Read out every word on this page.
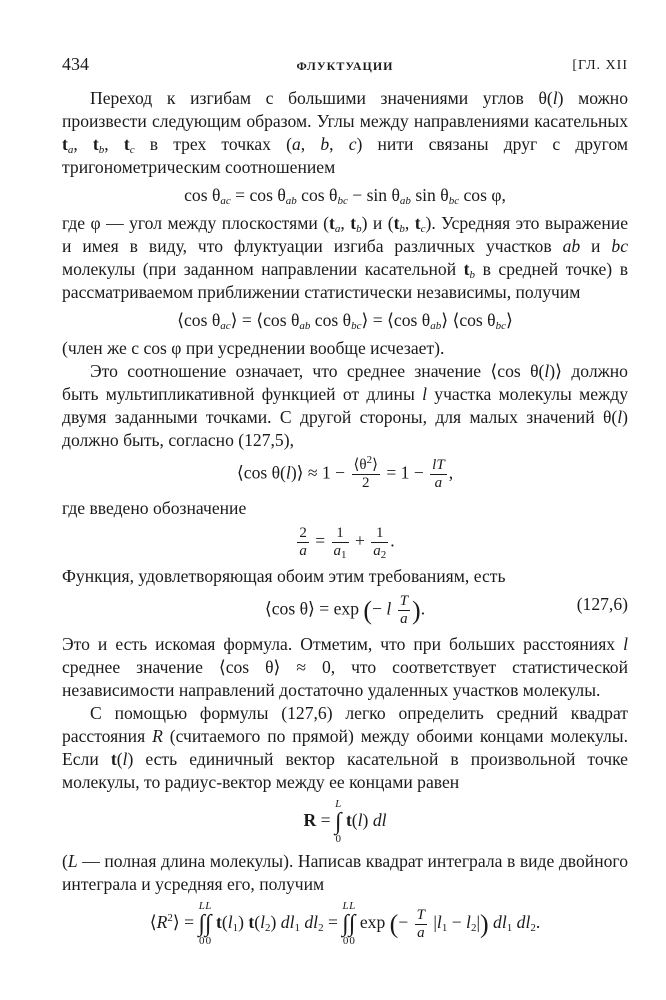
434	ФЛУКТУАЦИИ	[ГЛ. XII

Переход к изгибам с большими значениями углов θ(l) можно произвести следующим образом. Углы между направлениями касательных $t_a$, $t_b$, $t_c$ в трех точках (a, b, c) нити связаны друг с другом тригонометрическим соотношением

$\cos \theta_{ac} = \cos \theta_{ab}$ $\cos \theta_{bc} - \sin \theta_{ab}$ $\sin \theta_{bc}$ cos φ,

где φ — угол между плоскостями ($t_a$, $t_b$) и ($t_b$, $t_c$). Усредняя это выражение и имея в виду, что флуктуации изгиба различных участков ab и bc молекулы (при заданном направлении касательной $t_b$ в средней точке) в рассматриваемом приближении статистически независимы, получим

⟨cos $\theta_{ac}⟩$ = ⟨cos $\theta_{ab}$ $\cos \theta_{bc}⟩$ = ⟨cos $\theta_{ab}⟩$ ⟨cos $\theta_{bc}⟩$

(член же с cos φ при усреднении вообще исчезает).

Это соотношение означает, что среднее значение ⟨cos θ(l)⟩ должно быть мультипликативной функцией от длины l участка молекулы между двумя заданными точками. С другой стороны, для малых значений θ(l) должно быть, согласно (127,5),

⟨cos θ(l)⟩ ≈ $1 - \frac{⟨\theta^2⟩}{2} = 1 - \frac{lT}{a}$ ,

где введено обозначение

$\frac{2}{a} = \frac{1}{a_1} + \frac{1}{a_2}$ .

Функция, удовлетворяющая обоим этим требованиям, есть

⟨cos θ⟩ = exp (− l $\frac{T}{a}$ ).	(127,6)

Это и есть искомая формула. Отметим, что при больших расстояниях l среднее значение ⟨cos θ⟩ ≈ 0, что соответствует статистической независимости направлений достаточно удаленных участков молекулы.

С помощью формулы (127,6) легко определить средний квадрат расстояния R (считаемого по прямой) между обоими концами молекулы. Если t(l) есть единичный вектор касательной в произвольной точке молекулы, то радиус-вектор между ее концами равен

R =
L
∫
0
t(l) dl

(L — полная длина молекулы). Написав квадрат интеграла в виде двойного интеграла и усредняя его, получим

$⟨R^2⟩$ =
L
∫
0
L
∫
0
$t(l_1)$ $t(l_2)$ $dl_1$ $dl_2$ =
L
∫
0
L
∫
0
exp (− $\frac{T}{a} |l_1 - l_2|$) $dl_1$ $dl_2$.
